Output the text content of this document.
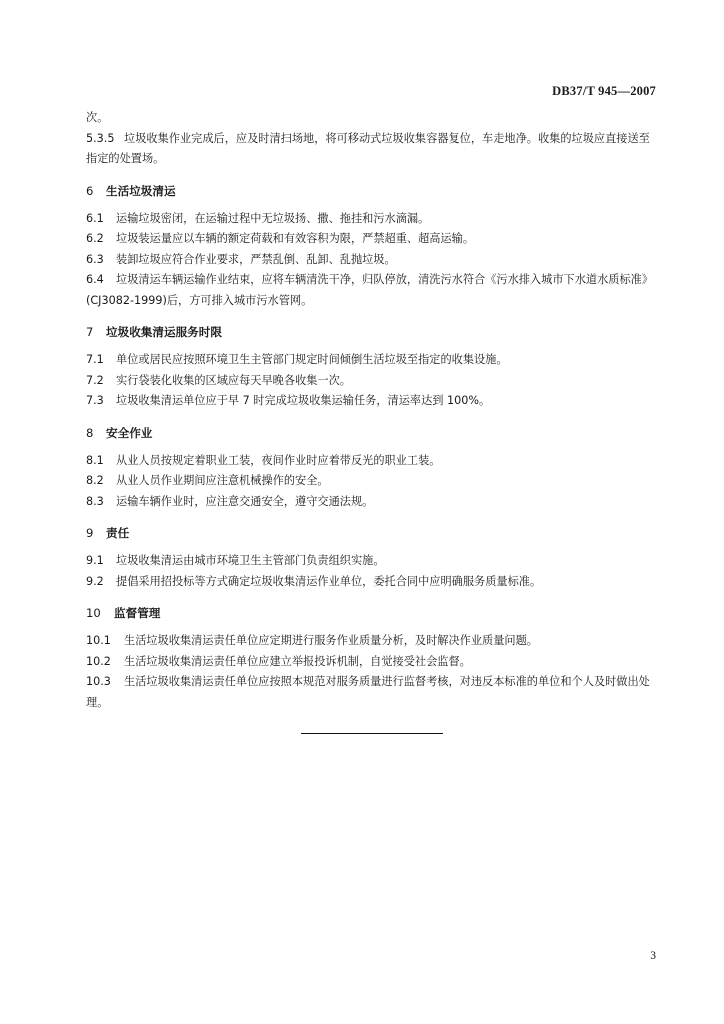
DB37/T 945—2007

次。

5.3.5 垃圾收集作业完成后，应及时清扫场地，将可移动式垃圾收集容器复位，车走地净。收集的垃圾应直接送至指定的处置场。

6 生活垃圾清运

6.1 运输垃圾密闭，在运输过程中无垃圾扬、撒、拖挂和污水滴漏。

6.2 垃圾装运量应以车辆的额定荷载和有效容积为限，严禁超重、超高运输。

6.3 装卸垃圾应符合作业要求，严禁乱倒、乱卸、乱抛垃圾。

6.4 垃圾清运车辆运输作业结束，应将车辆清洗干净，归队停放，清洗污水符合《污水排入城市下水道水质标准》(CJ3082-1999)后，方可排入城市污水管网。

7 垃圾收集清运服务时限

7.1 单位或居民应按照环境卫生主管部门规定时间倾倒生活垃圾至指定的收集设施。

7.2 实行袋装化收集的区域应每天早晚各收集一次。

7.3 垃圾收集清运单位应于早 7 时完成垃圾收集运输任务，清运率达到 100%。

8 安全作业

8.1 从业人员按规定着职业工装，夜间作业时应着带反光的职业工装。

8.2 从业人员作业期间应注意机械操作的安全。

8.3 运输车辆作业时，应注意交通安全，遵守交通法规。

9 责任

9.1 垃圾收集清运由城市环境卫生主管部门负责组织实施。

9.2 提倡采用招投标等方式确定垃圾收集清运作业单位，委托合同中应明确服务质量标准。

10 监督管理

10.1 生活垃圾收集清运责任单位应定期进行服务作业质量分析，及时解决作业质量问题。

10.2 生活垃圾收集清运责任单位应建立举报投诉机制，自觉接受社会监督。

10.3 生活垃圾收集清运责任单位应按照本规范对服务质量进行监督考核，对违反本标准的单位和个人及时做出处理。

3
